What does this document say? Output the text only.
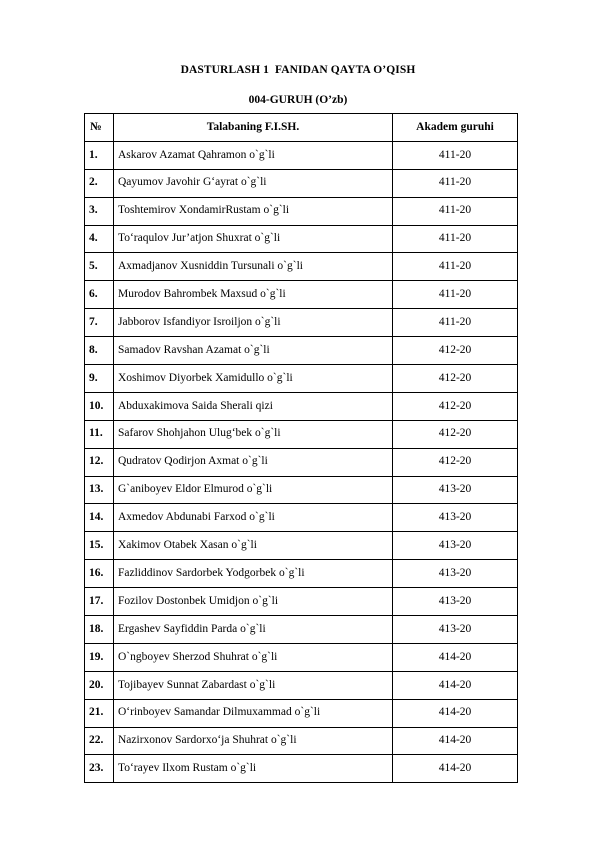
DASTURLASH 1  FANIDAN QAYTA O’QISH
004-GURUH (O’zb)
№	Talabaning F.I.SH.	Akadem guruhi
1.	Askarov Azamat Qahramon o`g`li	411-20
2.	Qayumov Javohir G‘ayrat o`g`li	411-20
3.	Toshtemirov XondamirRustam o`g`li	411-20
4.	To‘raqulov Jur’atjon Shuxrat o`g`li	411-20
5.	Axmadjanov Xusniddin Tursunali o`g`li	411-20
6.	Murodov Bahrombek Maxsud o`g`li	411-20
7.	Jabborov Isfandiyor Isroiljon o`g`li	411-20
8.	Samadov Ravshan Azamat o`g`li	412-20
9.	Xoshimov Diyorbek Xamidullo o`g`li	412-20
10.	Abduxakimova Saida Sherali qizi	412-20
11.	Safarov Shohjahon Ulug‘bek o`g`li	412-20
12.	Qudratov Qodirjon Axmat o`g`li	412-20
13.	G`aniboyev Eldor Elmurod o`g`li	413-20
14.	Axmedov Abdunabi Farxod o`g`li	413-20
15.	Xakimov Otabek Xasan o`g`li	413-20
16.	Fazliddinov Sardorbek Yodgorbek o`g`li	413-20
17.	Fozilov Dostonbek Umidjon o`g`li	413-20
18.	Ergashev Sayfiddin Parda o`g`li	413-20
19.	O`ngboyev Sherzod Shuhrat o`g`li	414-20
20.	Tojibayev Sunnat Zabardast o`g`li	414-20
21.	O‘rinboyev Samandar Dilmuxammad o`g`li	414-20
22.	Nazirxonov Sardorxo‘ja Shuhrat o`g`li	414-20
23.	To‘rayev Ilxom Rustam o`g`li	414-20
